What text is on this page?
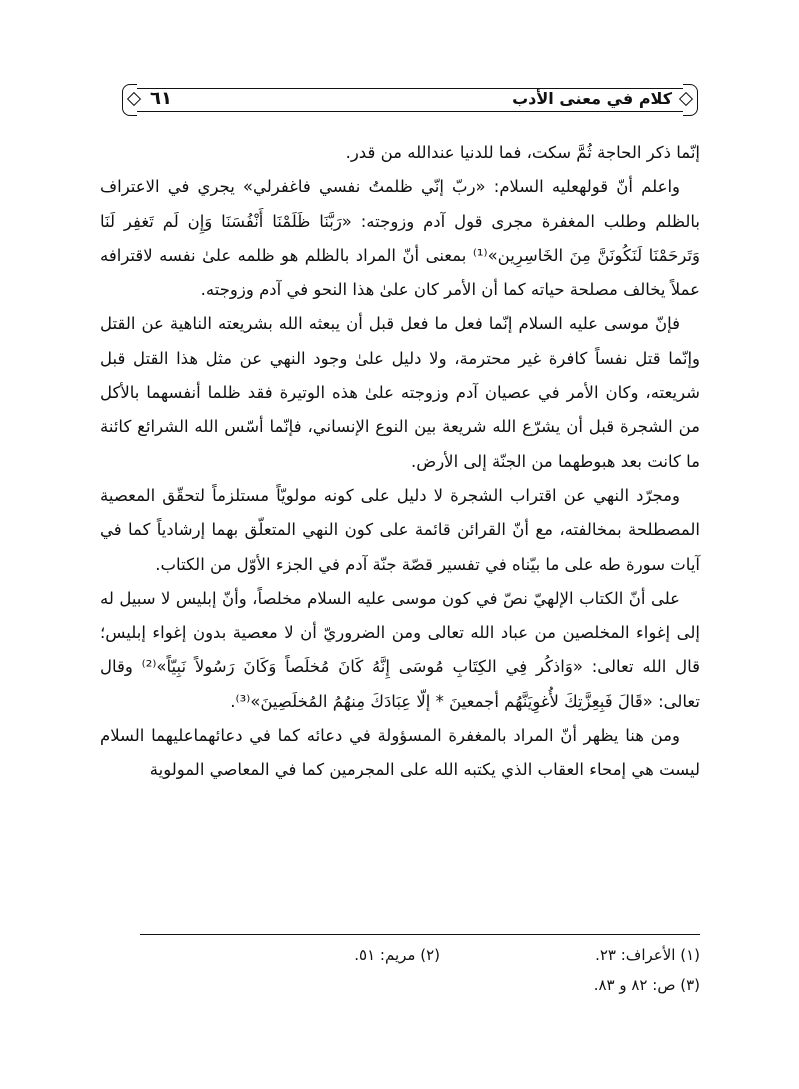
٦١	كلام في معنى الأدب

إنّما ذكر الحاجة ثُمَّ سكت، فما للدنيا عندالله من قدر.

واعلم أنّ قولهعليه السلام: «ربّ إنّي ظلمتُ نفسي فاغفرلي» يجري في الاعتراف بالظلم وطلب المغفرة مجرى قول آدم وزوجته: «رَبَّنَا ظَلَمْنَا أَنْفُسَنَا وَإِن لَم تَغفِر لَنَا وَتَرحَمْنَا لَنَكُونَنَّ مِنَ الخَاسِرِين»⁽¹⁾ بمعنى أنّ المراد بالظلم هو ظلمه علىٰ نفسه لاقترافه عملاً يخالف مصلحة حياته كما أن الأمر كان علىٰ هذا النحو في آدم وزوجته.

فإنّ موسى عليه السلام إنّما فعل ما فعل قبل أن يبعثه الله بشريعته الناهية عن القتل وإنّما قتل نفساً كافرة غير محترمة، ولا دليل علىٰ وجود النهي عن مثل هذا القتل قبل شريعته، وكان الأمر في عصيان آدم وزوجته علىٰ هذه الوتيرة فقد ظلما أنفسهما بالأكل من الشجرة قبل أن يشرّع الله شريعة بين النوع الإنساني، فإنّما أسّس الله الشرائع كائنة ما كانت بعد هبوطهما من الجنّة إلى الأرض.

ومجرّد النهي عن اقتراب الشجرة لا دليل على كونه مولويّاً مستلزماً لتحقّق المعصية المصطلحة بمخالفته، مع أنّ القرائن قائمة على كون النهي المتعلّق بهما إرشادياً كما في آيات سورة طه على ما بيّناه في تفسير قصّة جنّة آدم في الجزء الأوّل من الكتاب.

على أنّ الكتاب الإلهيّ نصّ في كون موسى عليه السلام مخلصاً، وأنّ إبليس لا سبيل له إلى إغواء المخلصين من عباد الله تعالى ومن الضروريّ أن لا معصية بدون إغواء إبليس؛ قال الله تعالى: «وَاذكُر فِي الكِتَابِ مُوسَى إِنَّهُ كَانَ مُخلَصاً وَكَانَ رَسُولاً نَبِيّاً»⁽²⁾ وقال تعالى: «قَالَ فَبِعِزَّتِكَ لأُغوِيَنَّهُم أجمعينَ * إلّا عِبَادَكَ مِنهُمُ المُخلَصِينَ»⁽³⁾.

ومن هنا يظهر أنّ المراد بالمغفرة المسؤولة في دعائه كما في دعائهماعليهما السلام ليست هي إمحاء العقاب الذي يكتبه الله على المجرمين كما في المعاصي المولوية

(١) الأعراف: ٢٣.
(٢) مريم: ٥١.
(٣) ص: ٨٢ و ٨٣.
